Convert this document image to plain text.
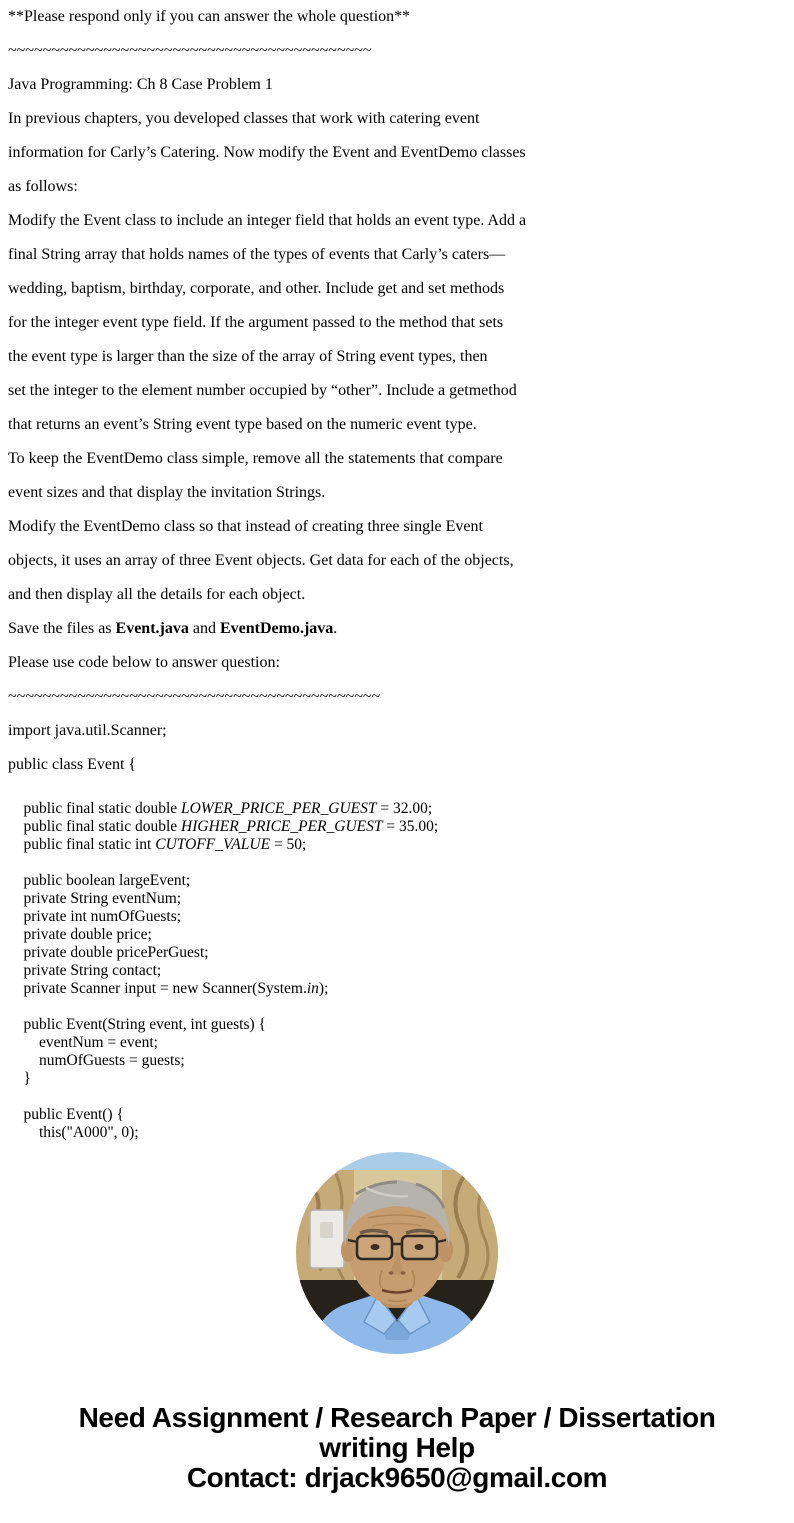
**Please respond only if you can answer the whole question**
~~~~~~~~~~~~~~~~~~~~~~~~~~~~~~~~~~~~~~~~~~
Java Programming: Ch 8 Case Problem 1
In previous chapters, you developed classes that work with catering event
information for Carly’s Catering. Now modify the Event and EventDemo classes
as follows:
Modify the Event class to include an integer field that holds an event type. Add a
final String array that holds names of the types of events that Carly’s caters—
wedding, baptism, birthday, corporate, and other. Include get and set methods
for the integer event type field. If the argument passed to the method that sets
the event type is larger than the size of the array of String event types, then
set the integer to the element number occupied by “other”. Include a getmethod
that returns an event’s String event type based on the numeric event type.
To keep the EventDemo class simple, remove all the statements that compare
event sizes and that display the invitation Strings.
Modify the EventDemo class so that instead of creating three single Event
objects, it uses an array of three Event objects. Get data for each of the objects,
and then display all the details for each object.
Save the files as Event.java and EventDemo.java.
Please use code below to answer question:
~~~~~~~~~~~~~~~~~~~~~~~~~~~~~~~~~~~~~~~~~~~
import java.util.Scanner;
public class Event {

public final static double LOWER_PRICE_PER_GUEST = 32.00;
public final static double HIGHER_PRICE_PER_GUEST = 35.00;
public final static int CUTOFF_VALUE = 50;

public boolean largeEvent;
private String eventNum;
private int numOfGuests;
private double price;
private double pricePerGuest;
private String contact;
private Scanner input = new Scanner(System.in);

public Event(String event, int guests) {
eventNum = event;
numOfGuests = guests;
}

public Event() {
this("A000", 0);
Need Assignment / Research Paper / Dissertation
writing Help
Contact: drjack9650@gmail.com
